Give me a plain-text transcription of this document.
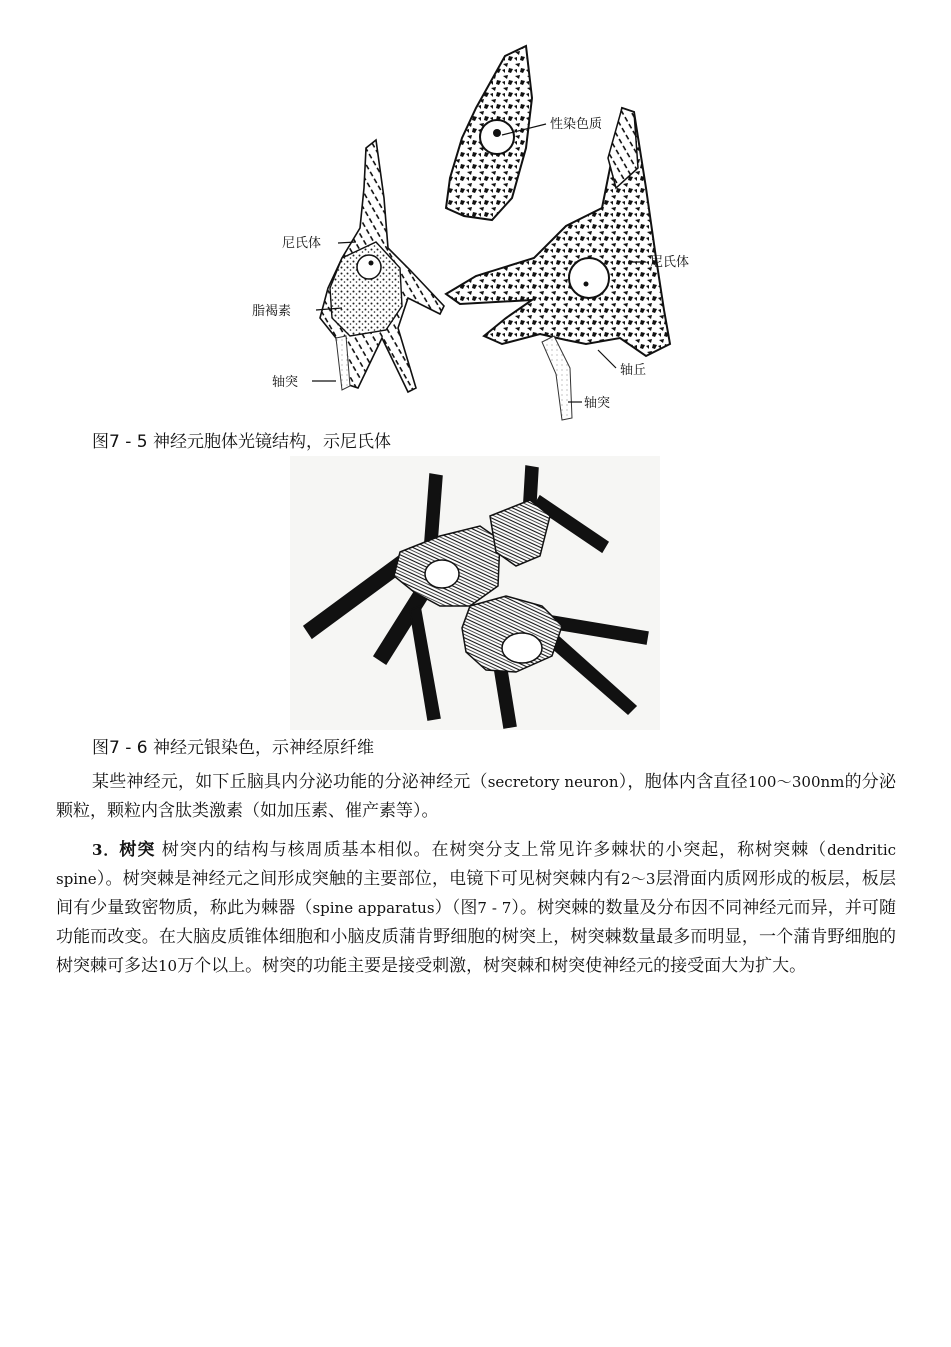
性染色质
尼氏体
脂褐素
轴突
尼氏体
轴丘
轴突
图7 - 5 神经元胞体光镜结构，示尼氏体
图7 - 6 神经元银染色，示神经原纤维
某些神经元，如下丘脑具内分泌功能的分泌神经元（secretory neuron），胞体内含直径100～300nm的分泌颗粒，颗粒内含肽类激素（如加压素、催产素等）。
3．树突 树突内的结构与核周质基本相似。在树突分支上常见许多棘状的小突起，称树突棘（dendritic spine）。树突棘是神经元之间形成突触的主要部位，电镜下可见树突棘内有2～3层滑面内质网形成的板层，板层间有少量致密物质，称此为棘器（spine apparatus）（图7 - 7）。树突棘的数量及分布因不同神经元而异，并可随功能而改变。在大脑皮质锥体细胞和小脑皮质蒲肯野细胞的树突上，树突棘数量最多而明显，一个蒲肯野细胞的树突棘可多达10万个以上。树突的功能主要是接受刺激，树突棘和树突使神经元的接受面大为扩大。
